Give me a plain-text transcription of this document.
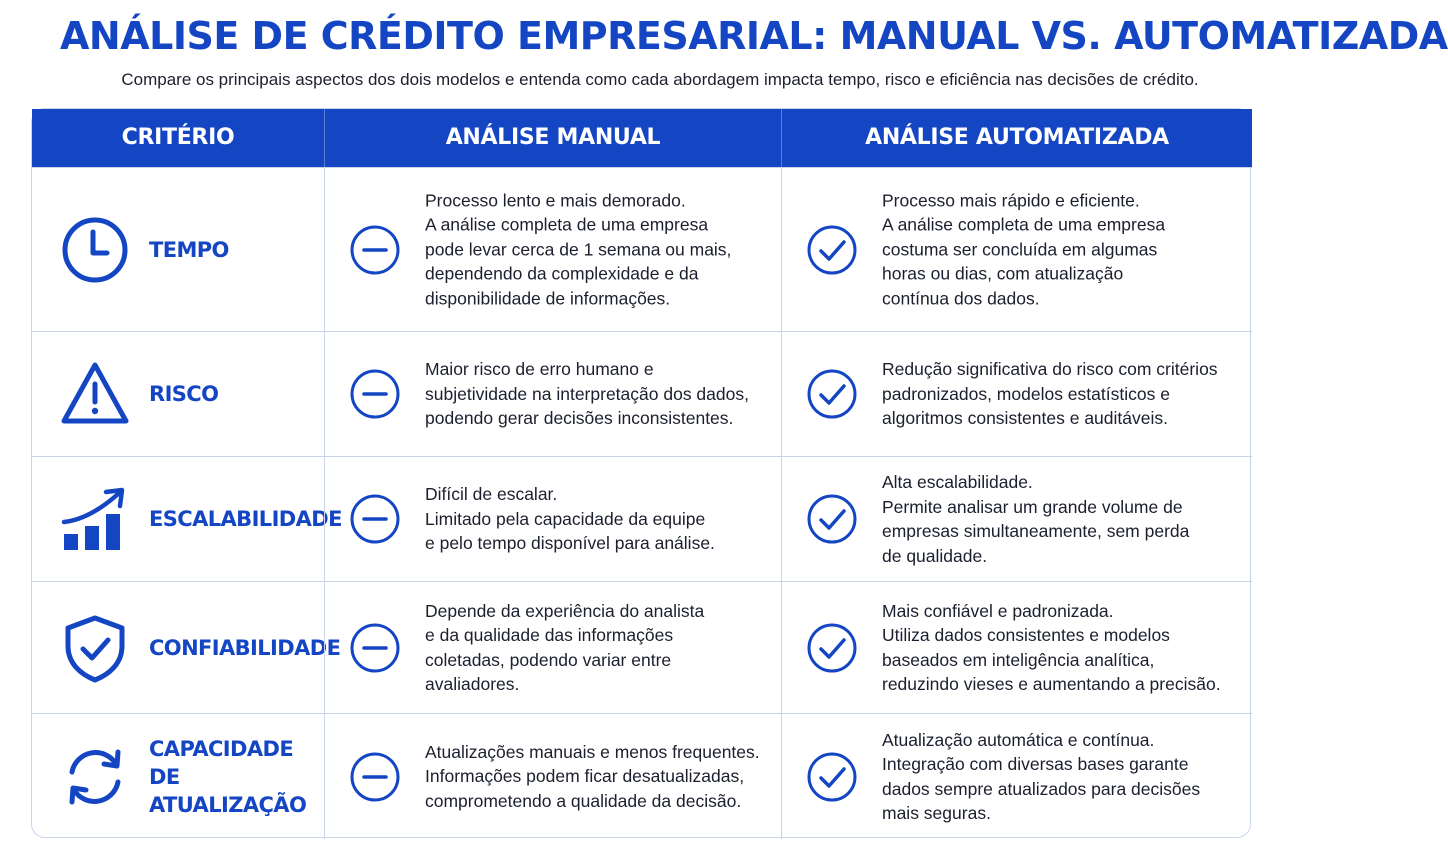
ANÁLISE DE CRÉDITO EMPRESARIAL: MANUAL VS. AUTOMATIZADA
Compare os principais aspectos dos dois modelos e entenda como cada abordagem impacta tempo, risco e eficiência nas decisões de crédito.
CRITÉRIO	ANÁLISE MANUAL	ANÁLISE AUTOMATIZADA
TEMPO
Processo lento e mais demorado.
A análise completa de uma empresa
pode levar cerca de 1 semana ou mais,
dependendo da complexidade e da
disponibilidade de informações.
Processo mais rápido e eficiente.
A análise completa de uma empresa
costuma ser concluída em algumas
horas ou dias, com atualização
contínua dos dados.
RISCO
Maior risco de erro humano e
subjetividade na interpretação dos dados,
podendo gerar decisões inconsistentes.
Redução significativa do risco com critérios
padronizados, modelos estatísticos e
algoritmos consistentes e auditáveis.
ESCALABILIDADE
Difícil de escalar.
Limitado pela capacidade da equipe
e pelo tempo disponível para análise.
Alta escalabilidade.
Permite analisar um grande volume de
empresas simultaneamente, sem perda
de qualidade.
CONFIABILIDADE
Depende da experiência do analista
e da qualidade das informações
coletadas, podendo variar entre
avaliadores.
Mais confiável e padronizada.
Utiliza dados consistentes e modelos
baseados em inteligência analítica,
reduzindo vieses e aumentando a precisão.
CAPACIDADE DE
ATUALIZAÇÃO
Atualizações manuais e menos frequentes.
Informações podem ficar desatualizadas,
comprometendo a qualidade da decisão.
Atualização automática e contínua.
Integração com diversas bases garante
dados sempre atualizados para decisões
mais seguras.
